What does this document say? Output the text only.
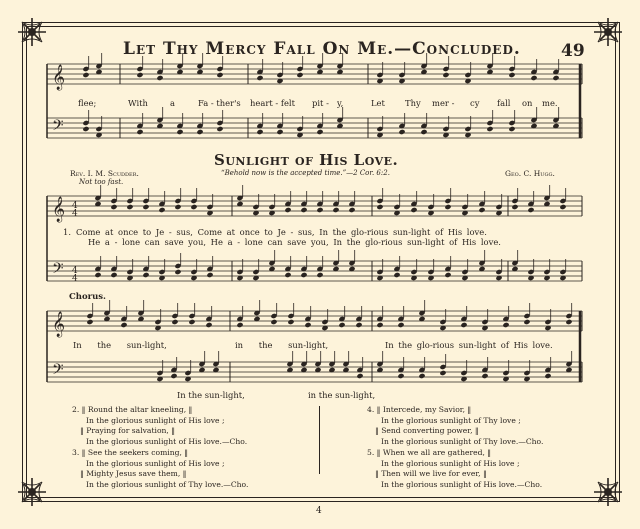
𝄞
𝄢
𝄞
𝄢
4
4
4
4
𝄞
𝄢
Let Thy Mercy Fall On Me.—Concluded. 49
flee;	With	a	Fa - ther's heart - felt pit - y,	Let Thy mer - cy fall on me.
Sunlight of His Love.
Rev. I. M. Scudder.	“Behold now is the accepted time.”—2 Cor. 6:2.	Geo. C. Hugg.
Not too fast.
1. Come at once to Je - sus, Come at once to Je - sus, In the glo-rious sun-light of His love.
He a - lone can save you, He a - lone can save you, In the glo-rious sun-light of His love.
Chorus.
In the sun-light,	in the sun-light,	In the glo-rious sun-light of His love.
In the sun-light,	in the sun-light,
2. ‖ Round the altar kneeling, ‖
In the glorious sunlight of His love ;
‖ Praying for salvation, ‖
In the glorious sunlight of His love.—Cho.
3. ‖ See the seekers coming, ‖
In the glorious sunlight of His love ;
‖ Mighty Jesus save them, ‖
In the glorious sunlight of Thy love.—Cho.
4. ‖ Intercede, my Savior, ‖
In the glorious sunlight of Thy love ;
‖ Send converting power, ‖
In the glorious sunlight of Thy love.—Cho.
5. ‖ When we all are gathered, ‖
In the glorious sunlight of His love ;
‖ Then will we live for ever, ‖
In the glorious sunlight of His love.—Cho.
4
